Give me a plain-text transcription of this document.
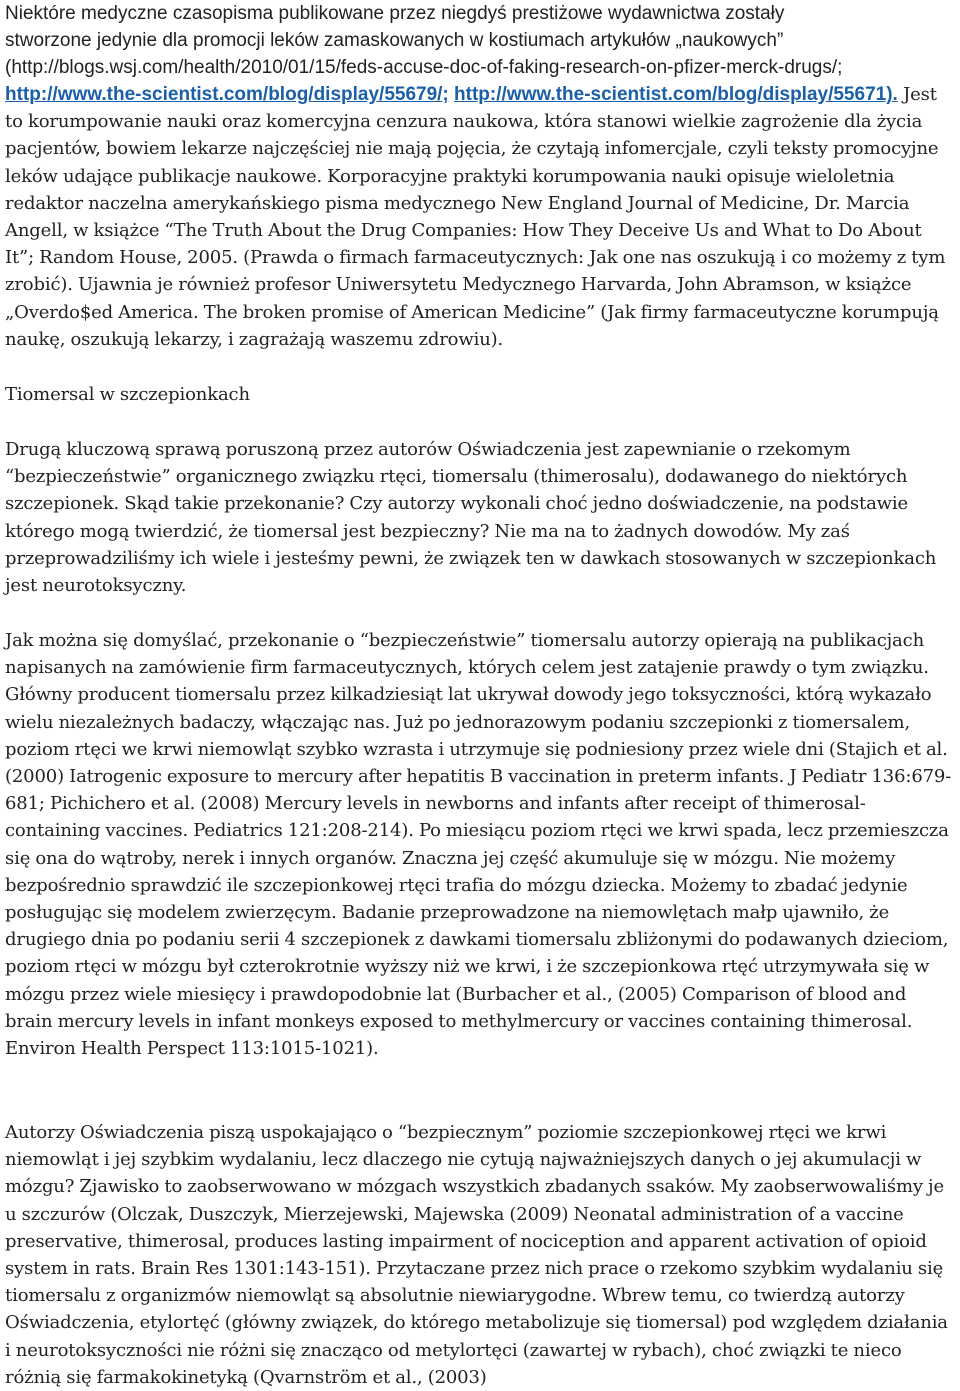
Niektóre medyczne czasopisma publikowane przez niegdyś prestiżowe wydawnictwa zostały
stworzone jedynie dla promocji leków zamaskowanych w kostiumach artykułów „naukowych”
(http://blogs.wsj.com/health/2010/01/15/feds-accuse-doc-of-faking-research-on-pfizer-merck-drugs/;
http://www.the-scientist.com/blog/display/55679/; http://www.the-scientist.com/blog/display/55671). Jest to korumpowanie nauki oraz komercyjna cenzura naukowa, która stanowi wielkie zagrożenie dla życia pacjentów, bowiem lekarze najczęściej nie mają pojęcia, że czytają infomercjale, czyli teksty promocyjne leków udające publikacje naukowe. Korporacyjne praktyki korumpowania nauki opisuje wieloletnia redaktor naczelna amerykańskiego pisma medycznego New England Journal of Medicine, Dr. Marcia Angell, w książce “The Truth About the Drug Companies: How They Deceive Us and What to Do About It”; Random House, 2005. (Prawda o firmach farmaceutycznych: Jak one nas oszukują i co możemy z tym zrobić). Ujawnia je również profesor Uniwersytetu Medycznego Harvarda, John Abramson, w książce „Overdo$ed America. The broken promise of American Medicine” (Jak firmy farmaceutyczne korumpują naukę, oszukują lekarzy, i zagrażają waszemu zdrowiu).
Tiomersal w szczepionkach
Drugą kluczową sprawą poruszoną przez autorów Oświadczenia jest zapewnianie o rzekomym “bezpieczeństwie” organicznego związku rtęci, tiomersalu (thimerosalu), dodawanego do niektórych szczepionek. Skąd takie przekonanie? Czy autorzy wykonali choć jedno doświadczenie, na podstawie którego mogą twierdzić, że tiomersal jest bezpieczny? Nie ma na to żadnych dowodów. My zaś przeprowadziliśmy ich wiele i jesteśmy pewni, że związek ten w dawkach stosowanych w szczepionkach jest neurotoksyczny.
Jak można się domyślać, przekonanie o “bezpieczeństwie” tiomersalu autorzy opierają na publikacjach napisanych na zamówienie firm farmaceutycznych, których celem jest zatajenie prawdy o tym związku. Główny producent tiomersalu przez kilkadziesiąt lat ukrywał dowody jego toksyczności, którą wykazało wielu niezależnych badaczy, włączając nas. Już po jednorazowym podaniu szczepionki z tiomersalem, poziom rtęci we krwi niemowląt szybko wzrasta i utrzymuje się podniesiony przez wiele dni (Stajich et al. (2000) Iatrogenic exposure to mercury after hepatitis B vaccination in preterm infants. J Pediatr 136:679-681; Pichichero et al. (2008) Mercury levels in newborns and infants after receipt of thimerosal-containing vaccines. Pediatrics 121:208-214). Po miesiącu poziom rtęci we krwi spada, lecz przemieszcza się ona do wątroby, nerek i innych organów. Znaczna jej część akumuluje się w mózgu. Nie możemy bezpośrednio sprawdzić ile szczepionkowej rtęci trafia do mózgu dziecka. Możemy to zbadać jedynie posługując się modelem zwierzęcym. Badanie przeprowadzone na niemowlętach małp ujawniło, że drugiego dnia po podaniu serii 4 szczepionek z dawkami tiomersalu zbliżonymi do podawanych dzieciom, poziom rtęci w mózgu był czterokrotnie wyższy niż we krwi, i że szczepionkowa rtęć utrzymywała się w mózgu przez wiele miesięcy i prawdopodobnie lat (Burbacher et al., (2005) Comparison of blood and brain mercury levels in infant monkeys exposed to methylmercury or vaccines containing thimerosal. Environ Health Perspect 113:1015-1021).
Autorzy Oświadczenia piszą uspokajająco o “bezpiecznym” poziomie szczepionkowej rtęci we krwi niemowląt i jej szybkim wydalaniu, lecz dlaczego nie cytują najważniejszych danych o jej akumulacji w mózgu? Zjawisko to zaobserwowano w mózgach wszystkich zbadanych ssaków. My zaobserwowaliśmy je u szczurów (Olczak, Duszczyk, Mierzejewski, Majewska (2009) Neonatal administration of a vaccine preservative, thimerosal, produces lasting impairment of nociception and apparent activation of opioid system in rats. Brain Res 1301:143-151). Przytaczane przez nich prace o rzekomo szybkim wydalaniu się tiomersalu z organizmów niemowląt są absolutnie niewiarygodne. Wbrew temu, co twierdzą autorzy Oświadczenia, etylortęć (główny związek, do którego metabolizuje się tiomersal) pod względem działania i neurotoksyczności nie różni się znacząco od metylortęci (zawartej w rybach), choć związki te nieco różnią się farmakokinetyką (Qvarnström et al., (2003)
